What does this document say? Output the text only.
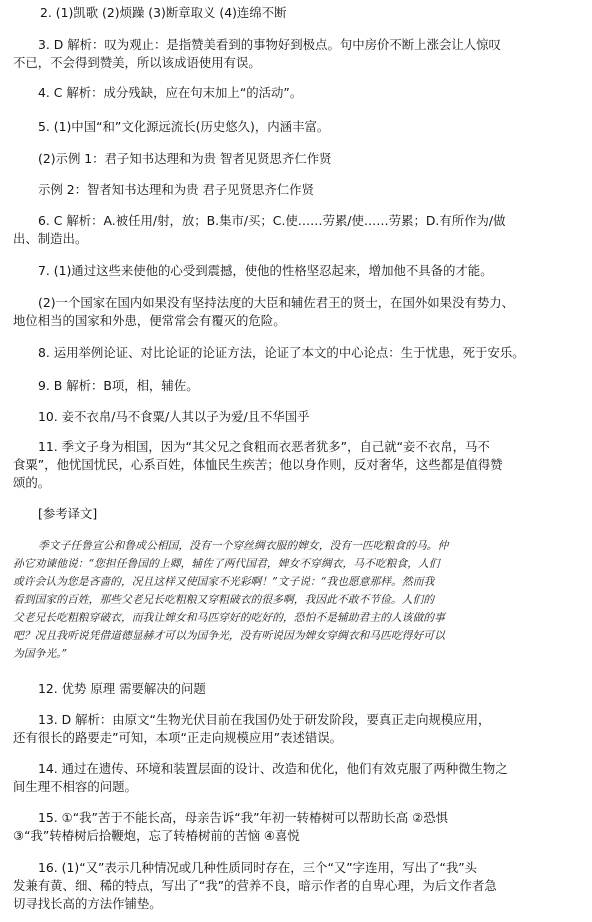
2. (1)凯歌 (2)烦躁 (3)断章取义 (4)连绵不断
3. D 解析：叹为观止：是指赞美看到的事物好到极点。句中房价不断上涨会让人惊叹
不已，不会得到赞美，所以该成语使用有误。
4. C 解析：成分残缺，应在句末加上“的活动”。
5. (1)中国“和”文化源远流长(历史悠久)，内涵丰富。
(2)示例 1：君子知书达理和为贵 智者见贤思齐仁作贤
示例 2：智者知书达理和为贵 君子见贤思齐仁作贤
6. C 解析：A.被任用/射，放；B.集市/买；C.使……劳累/使……劳累；D.有所作为/做
出、制造出。
7. (1)通过这些来使他的心受到震撼，使他的性格坚忍起来，增加他不具备的才能。
(2)一个国家在国内如果没有坚持法度的大臣和辅佐君王的贤士，在国外如果没有势力、
地位相当的国家和外患，便常常会有覆灭的危险。
8. 运用举例论证、对比论证的论证方法，论证了本文的中心论点：生于忧患，死于安乐。
9. B 解析：B项，相，辅佐。
10. 妾不衣帛/马不食粟/人其以子为爱/且不华国乎
11. 季文子身为相国，因为“其父兄之食粗而衣恶者犹多”，自己就“妾不衣帛，马不
食粟”，他忧国忧民，心系百姓，体恤民生疾苦；他以身作则，反对奢华，这些都是值得赞
颂的。
[参考译文]
季文子任鲁宣公和鲁成公相国，没有一个穿丝绸衣服的婢女，没有一匹吃粮食的马。仲
孙它劝谏他说：“您担任鲁国的上卿，辅佐了两代国君，婢女不穿绸衣，马不吃粮食，人们
或许会认为您是吝啬的，况且这样又使国家不光彩啊！”文子说：“我也愿意那样。然而我
看到国家的百姓，那些父老兄长吃粗粮又穿粗破衣的很多啊，我因此不敢不节俭。人们的
父老兄长吃粗粮穿破衣，而我让婢女和马匹穿好的吃好的，恐怕不是辅助君主的人该做的事
吧？况且我听说凭借道德显赫才可以为国争光，没有听说因为婢女穿绸衣和马匹吃得好可以
为国争光。”
12. 优势 原理 需要解决的问题
13. D 解析：由原文“生物光伏目前在我国仍处于研发阶段，要真正走向规模应用，
还有很长的路要走”可知，本项“正走向规模应用”表述错误。
14. 通过在遗传、环境和装置层面的设计、改造和优化，他们有效克服了两种微生物之
间生理不相容的问题。
15. ①“我”苦于不能长高，母亲告诉“我”年初一转椿树可以帮助长高 ②恐惧
③“我”转椿树后拾鞭炮，忘了转椿树前的苦恼 ④喜悦
16. (1)“又”表示几种情况或几种性质同时存在，三个“又”字连用，写出了“我”头
发兼有黄、细、稀的特点，写出了“我”的营养不良，暗示作者的自卑心理，为后文作者急
切寻找长高的方法作铺垫。
